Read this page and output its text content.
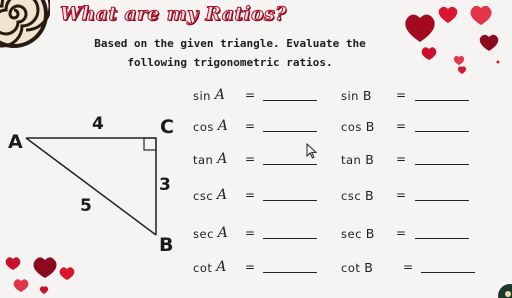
What are my Ratios?
Based on the given triangle. Evaluate the
following trigonometric ratios.
A
C
B
4
3
5
sin A =	sin B =
cos A =	cos B =
tan A =	tan B =
csc A =	csc B =
sec A =	sec B =
cot A =	cot B	=
